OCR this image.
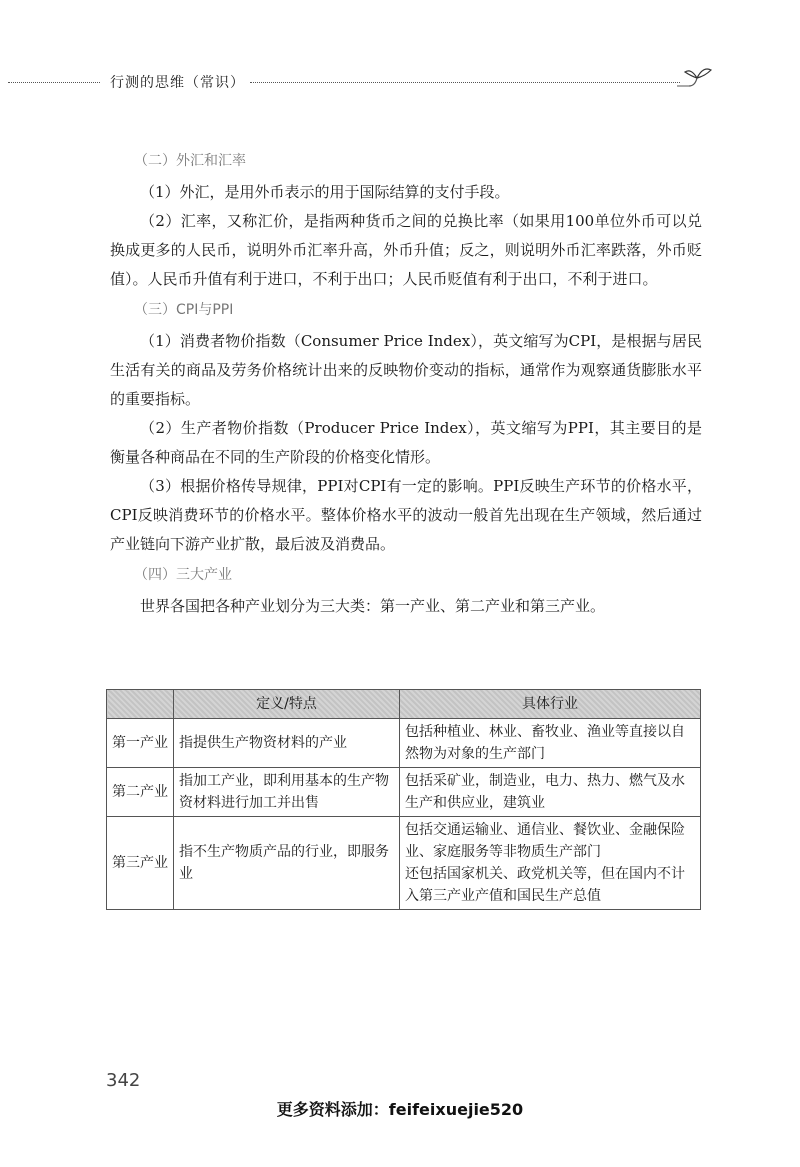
行测的思维（常识）
（二）外汇和汇率

（1）外汇，是用外币表示的用于国际结算的支付手段。

（2）汇率，又称汇价，是指两种货币之间的兑换比率（如果用100单位外币可以兑换成更多的人民币，说明外币汇率升高，外币升值；反之，则说明外币汇率跌落，外币贬值）。人民币升值有利于进口，不利于出口；人民币贬值有利于出口，不利于进口。

（三）CPI与PPI

（1）消费者物价指数（Consumer Price Index），英文缩写为CPI，是根据与居民生活有关的商品及劳务价格统计出来的反映物价变动的指标，通常作为观察通货膨胀水平的重要指标。

（2）生产者物价指数（Producer Price Index），英文缩写为PPI，其主要目的是衡量各种商品在不同的生产阶段的价格变化情形。

（3）根据价格传导规律，PPI对CPI有一定的影响。PPI反映生产环节的价格水平，CPI反映消费环节的价格水平。整体价格水平的波动一般首先出现在生产领域，然后通过产业链向下游产业扩散，最后波及消费品。

（四）三大产业

世界各国把各种产业划分为三大类：第一产业、第二产业和第三产业。

	定义/特点	具体行业
第一产业	指提供生产物资材料的产业	包括种植业、林业、畜牧业、渔业等直接以自然物为对象的生产部门
第二产业	指加工产业，即利用基本的生产物资材料进行加工并出售	包括采矿业，制造业，电力、热力、燃气及水生产和供应业，建筑业
第三产业	指不生产物质产品的行业，即服务业	包括交通运输业、通信业、餐饮业、金融保险业、家庭服务等非物质生产部门
还包括国家机关、政党机关等，但在国内不计入第三产业产值和国民生产总值
342
更多资料添加：feifeixuejie520
